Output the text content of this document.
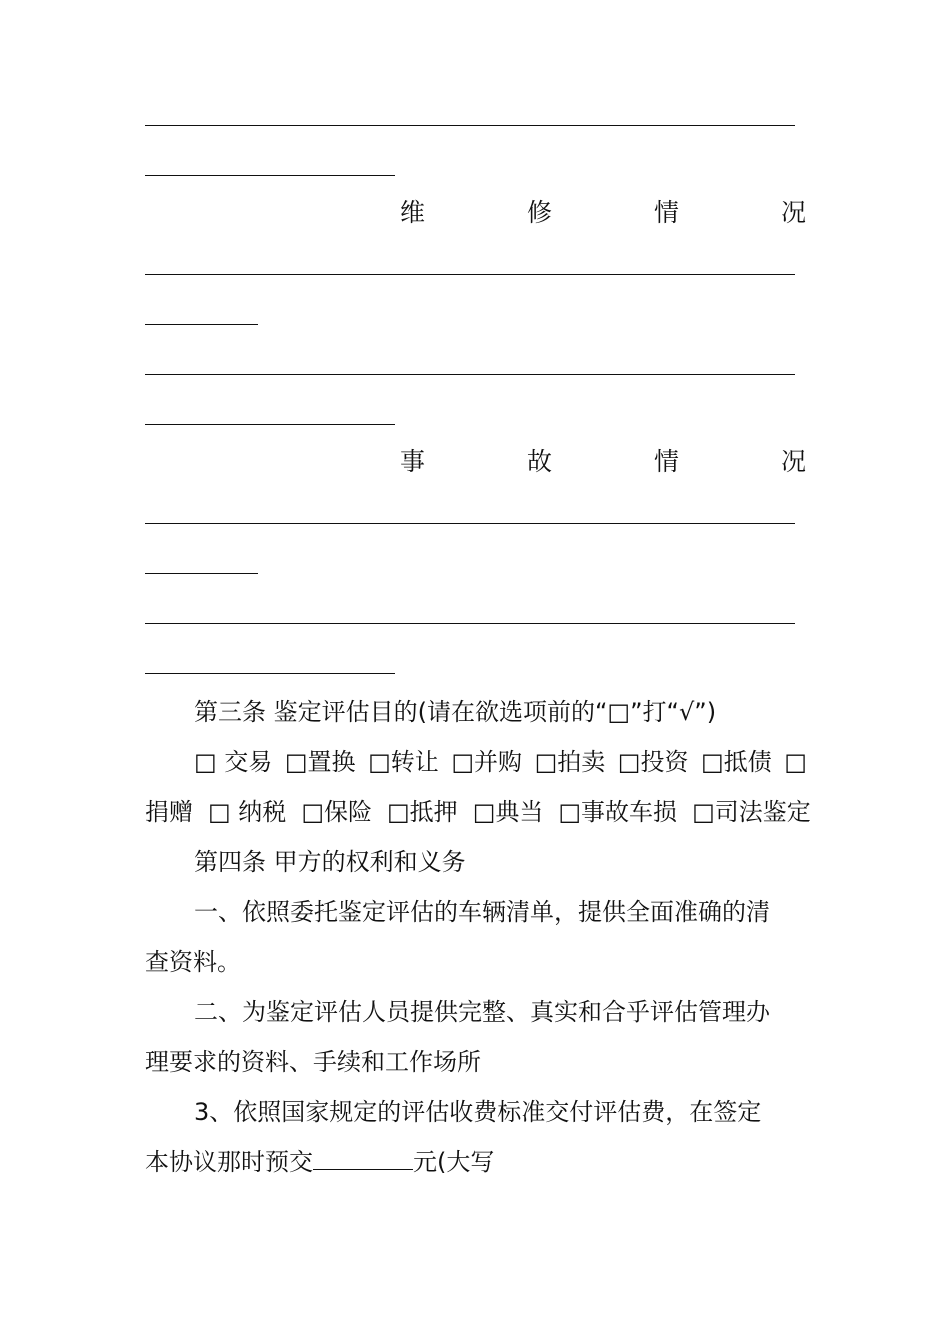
维	修	情	况
事	故	情	况
第三条 鉴定评估目的(请在欲选项前的“□”打“√”)
□ 交易 □置换 □转让 □并购 □拍卖 □投资 □抵债 □
捐赠 □ 纳税 □保险 □抵押 □典当 □事故车损 □司法鉴定
第四条 甲方的权利和义务
一、依照委托鉴定评估的车辆清单，提供全面准确的清
查资料。
二、为鉴定评估人员提供完整、真实和合乎评估管理办
理要求的资料、手续和工作场所
3、依照国家规定的评估收费标准交付评估费，在签定
本协议那时预交	元(大写
